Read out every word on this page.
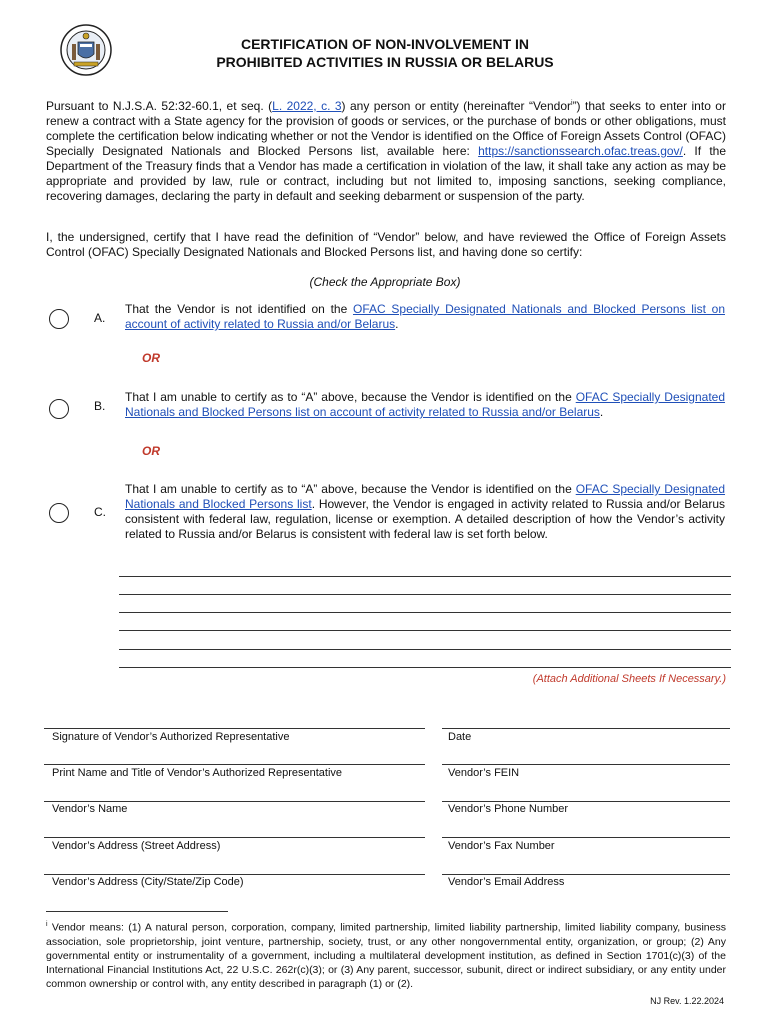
CERTIFICATION OF NON-INVOLVEMENT IN
PROHIBITED ACTIVITIES IN RUSSIA OR BELARUS
Pursuant to N.J.S.A. 52:32-60.1, et seq. (L. 2022, c. 3) any person or entity (hereinafter “Vendor$^i$”) that seeks to enter into or renew a contract with a State agency for the provision of goods or services, or the purchase of bonds or other obligations, must complete the certification below indicating whether or not the Vendor is identified on the Office of Foreign Assets Control (OFAC) Specially Designated Nationals and Blocked Persons list, available here: https://sanctionssearch.ofac.treas.gov/. If the Department of the Treasury finds that a Vendor has made a certification in violation of the law, it shall take any action as may be appropriate and provided by law, rule or contract, including but not limited to, imposing sanctions, seeking compliance, recovering damages, declaring the party in default and seeking debarment or suspension of the party.
I, the undersigned, certify that I have read the definition of “Vendor” below, and have reviewed the Office of Foreign Assets Control (OFAC) Specially Designated Nationals and Blocked Persons list, and having done so certify:
(Check the Appropriate Box)
A.
That the Vendor is not identified on the OFAC Specially Designated Nationals and Blocked Persons list on account of activity related to Russia and/or Belarus.
OR
B.
That I am unable to certify as to “A” above, because the Vendor is identified on the OFAC Specially Designated Nationals and Blocked Persons list on account of activity related to Russia and/or Belarus.
OR
C.
That I am unable to certify as to “A” above, because the Vendor is identified on the OFAC Specially Designated Nationals and Blocked Persons list. However, the Vendor is engaged in activity related to Russia and/or Belarus consistent with federal law, regulation, license or exemption. A detailed description of how the Vendor’s activity related to Russia and/or Belarus is consistent with federal law is set forth below.
(Attach Additional Sheets If Necessary.)
Signature of Vendor’s Authorized Representative
Print Name and Title of Vendor’s Authorized Representative
Vendor’s Name
Vendor’s Address (Street Address)
Vendor’s Address (City/State/Zip Code)
Date
Vendor’s FEIN
Vendor’s Phone Number
Vendor’s Fax Number
Vendor’s Email Address
$^i$ Vendor means: (1) A natural person, corporation, company, limited partnership, limited liability partnership, limited liability company, business association, sole proprietorship, joint venture, partnership, society, trust, or any other nongovernmental entity, organization, or group; (2) Any governmental entity or instrumentality of a government, including a multilateral development institution, as defined in Section 1701(c)(3) of the International Financial Institutions Act, 22 U.S.C. 262r(c)(3); or (3) Any parent, successor, subunit, direct or indirect subsidiary, or any entity under common ownership or control with, any entity described in paragraph (1) or (2).
NJ Rev. 1.22.2024
